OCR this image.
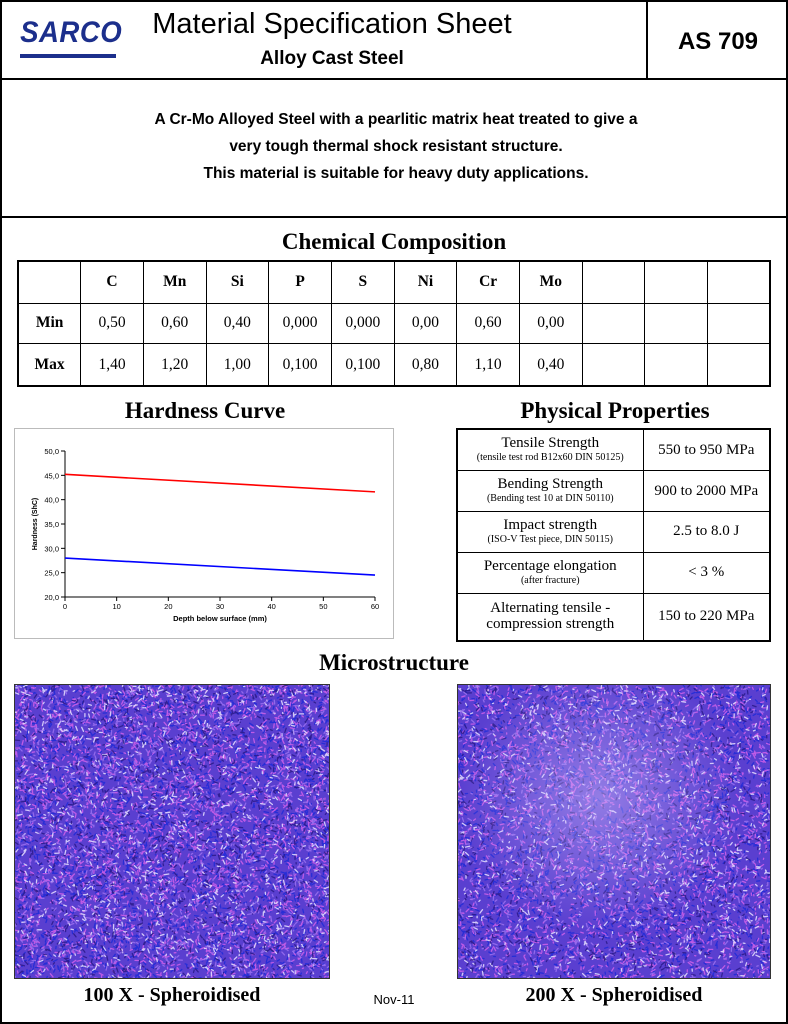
SARCO	Material Specification Sheet
Alloy Cast Steel
AS 709

A Cr-Mo Alloyed Steel with a pearlitic matrix heat treated to give a

very tough thermal shock resistant structure.

This material is suitable for heavy duty applications.

Chemical Composition
	C	Mn	Si	P	S	Ni	Cr	Mo			
Min	0,50	0,60	0,40	0,000	0,000	0,00	0,60	0,00			
Max	1,40	1,20	1,00	0,100	0,100	0,80	1,10	0,40			
Hardness Curve
20,0
25,0
30,0
35,0
40,0
45,0
50,0
0	10	20	30	40	50	60
Depth below surface (mm)
Hardness (ShC)
Physical Properties
Tensile Strength
(tensile test rod B12x60 DIN 50125)	550 to 950 MPa

Bending Strength
(Bending test 10 at DIN 50110)	900 to 2000 MPa

Impact strength
(ISO-V Test piece, DIN 50115)	2.5 to 8.0 J

Percentage elongation
(after fracture)	< 3 %

Alternating tensile - compression strength	150 to 220 MPa
Microstructure
100 X - Spheroidised	200 X - Spheroidised
Nov-11
